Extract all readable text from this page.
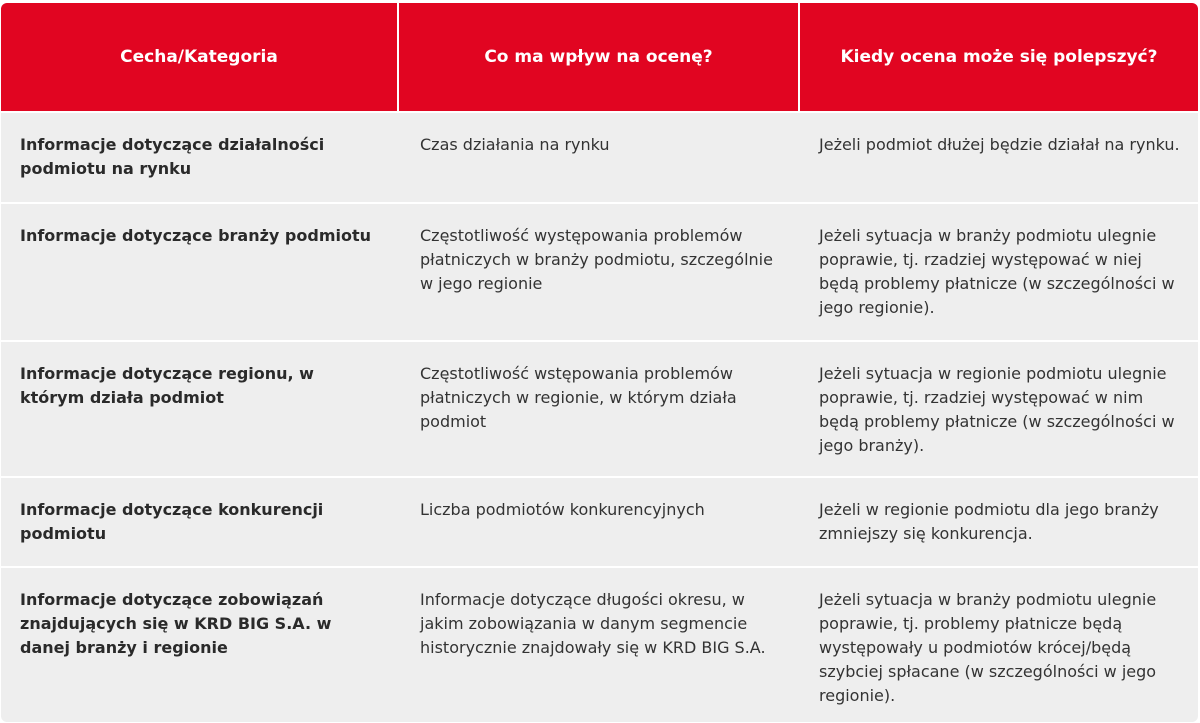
Cecha/Kategoria	Co ma wpływ na ocenę?	Kiedy ocena może się polepszyć?
Informacje dotyczące działalności podmiotu na rynku	Czas działania na rynku	Jeżeli podmiot dłużej będzie działał na rynku.
Informacje dotyczące branży podmiotu	Częstotliwość występowania problemów płatniczych w branży podmiotu, szczególnie w jego regionie	Jeżeli sytuacja w branży podmiotu ulegnie poprawie, tj. rzadziej występować w niej będą problemy płatnicze (w szczególności w jego regionie).
Informacje dotyczące regionu, w którym działa podmiot	Częstotliwość wstępowania problemów płatniczych w regionie, w którym działa podmiot	Jeżeli sytuacja w regionie podmiotu ulegnie poprawie, tj. rzadziej występować w nim będą problemy płatnicze (w szczególności w jego branży).
Informacje dotyczące konkurencji podmiotu	Liczba podmiotów konkurencyjnych	Jeżeli w regionie podmiotu dla jego branży zmniejszy się konkurencja.
Informacje dotyczące zobowiązań znajdujących się w KRD BIG S.A. w danej branży i regionie	Informacje dotyczące długości okresu, w jakim zobowiązania w danym segmencie historycznie znajdowały się w KRD BIG S.A.	Jeżeli sytuacja w branży podmiotu ulegnie poprawie, tj. problemy płatnicze będą występowały u podmiotów krócej/będą szybciej spłacane (w szczególności w jego regionie).
